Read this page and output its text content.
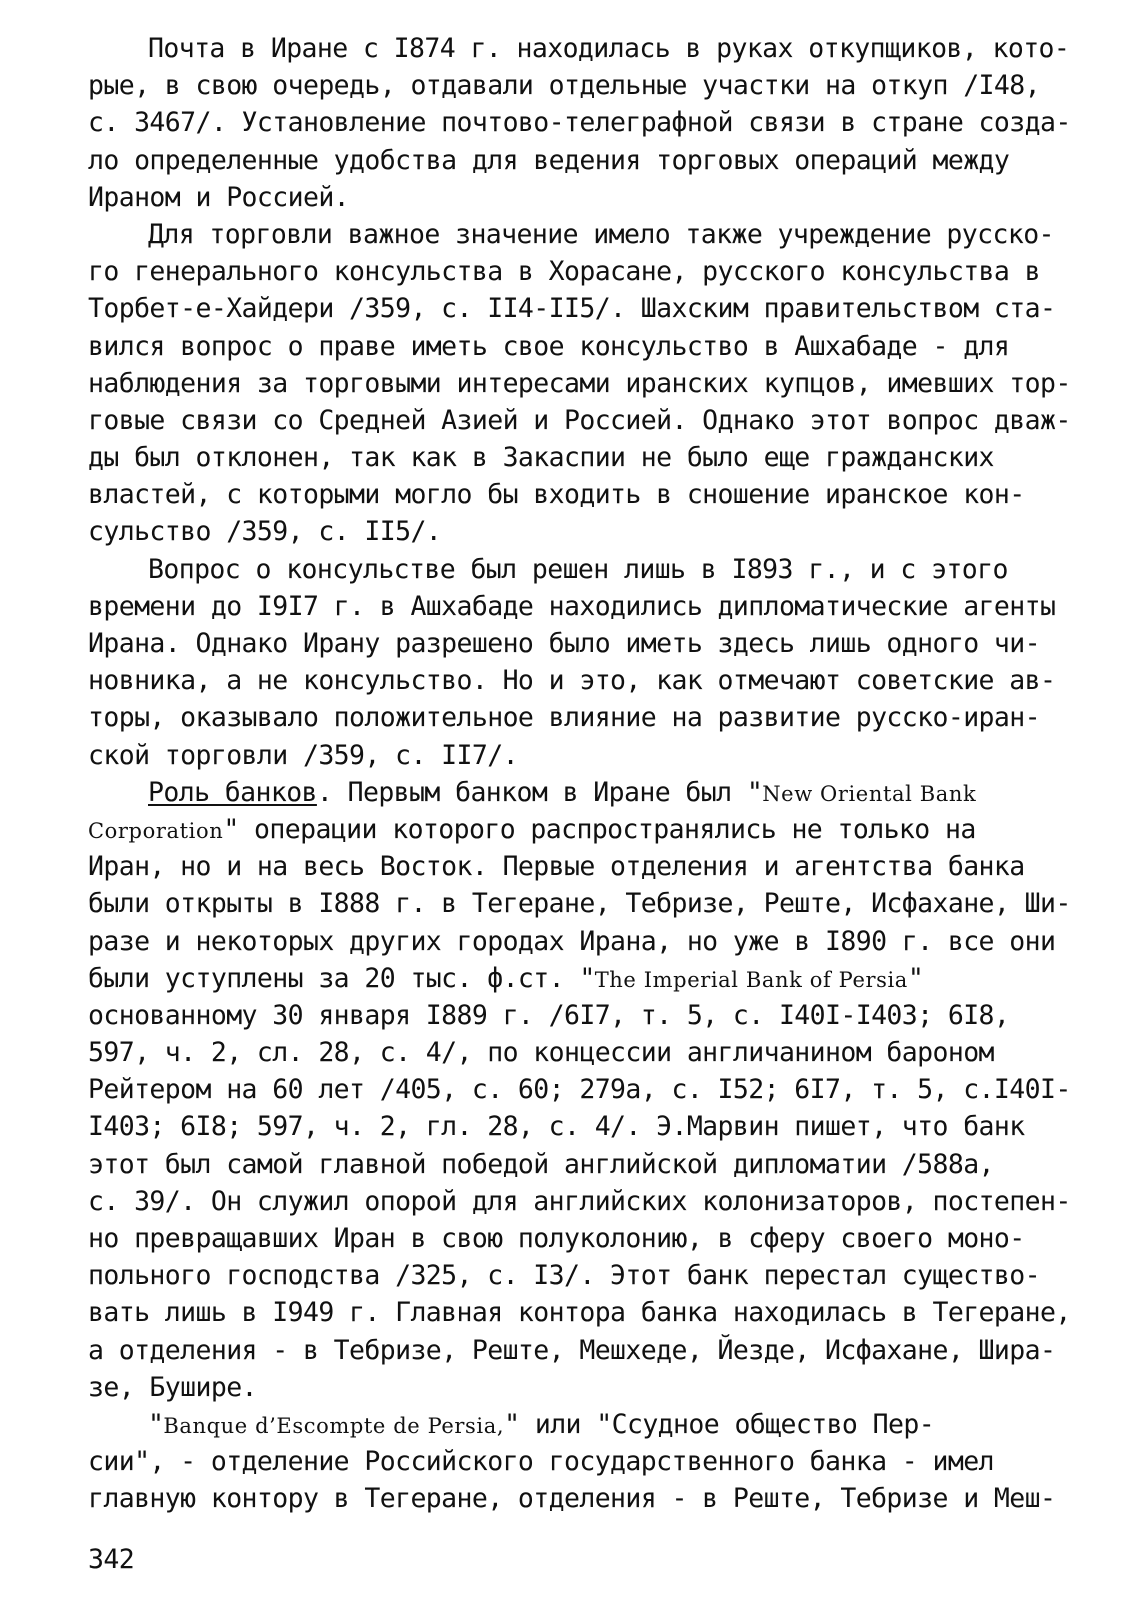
Почта в Иране с I874 г. находилась в руках откупщиков, кото-
рые, в свою очередь, отдавали отдельные участки на откуп /I48,
с. 3467/. Установление почтово-телеграфной связи в стране созда-
ло определенные удобства для ведения торговых операций между
Ираном и Россией.
Для торговли важное значение имело также учреждение русско-
го генерального консульства в Хорасане, русского консульства в
Торбет-е-Хайдери /359, с. II4-II5/. Шахским правительством ста-
вился вопрос о праве иметь свое консульство в Ашхабаде - для
наблюдения за торговыми интересами иранских купцов, имевших тор-
говые связи со Средней Азией и Россией. Однако этот вопрос дваж-
ды был отклонен, так как в Закаспии не было еще гражданских
властей, с которыми могло бы входить в сношение иранское кон-
сульство /359, с. II5/.
Вопрос о консульстве был решен лишь в I893 г., и с этого
времени до I9I7 г. в Ашхабаде находились дипломатические агенты
Ирана. Однако Ирану разрешено было иметь здесь лишь одного чи-
новника, а не консульство. Но и это, как отмечают советские ав-
торы, оказывало положительное влияние на развитие русско-иран-
ской торговли /359, с. II7/.
Роль банков. Первым банком в Иране был "New Oriental Bank
Corporation" операции которого распространялись не только на
Иран, но и на весь Восток. Первые отделения и агентства банка
были открыты в I888 г. в Тегеране, Тебризе, Реште, Исфахане, Ши-
разе и некоторых других городах Ирана, но уже в I890 г. все они
были уступлены за 20 тыс. ф.ст. "The Imperial Bank of Persia"
основанному 30 января I889 г. /6I7, т. 5, с. I40I-I403; 6I8,
597, ч. 2, сл. 28, с. 4/, по концессии англичанином бароном
Рейтером на 60 лет /405, с. 60; 279а, с. I52; 6I7, т. 5, с.I40I-
I403; 6I8; 597, ч. 2, гл. 28, с. 4/. Э.Марвин пишет, что банк
этот был самой главной победой английской дипломатии /588а,
с. 39/. Он служил опорой для английских колонизаторов, постепен-
но превращавших Иран в свою полуколонию, в сферу своего моно-
польного господства /325, с. I3/. Этот банк перестал существо-
вать лишь в I949 г. Главная контора банка находилась в Тегеране,
а отделения - в Тебризе, Реште, Мешхеде, Йезде, Исфахане, Шира-
зе, Бушире.
"Banque d’Escompte de Persia," или "Ссудное общество Пер-
сии", - отделение Российского государственного банка - имел
главную контору в Тегеране, отделения - в Реште, Тебризе и Меш-
342
